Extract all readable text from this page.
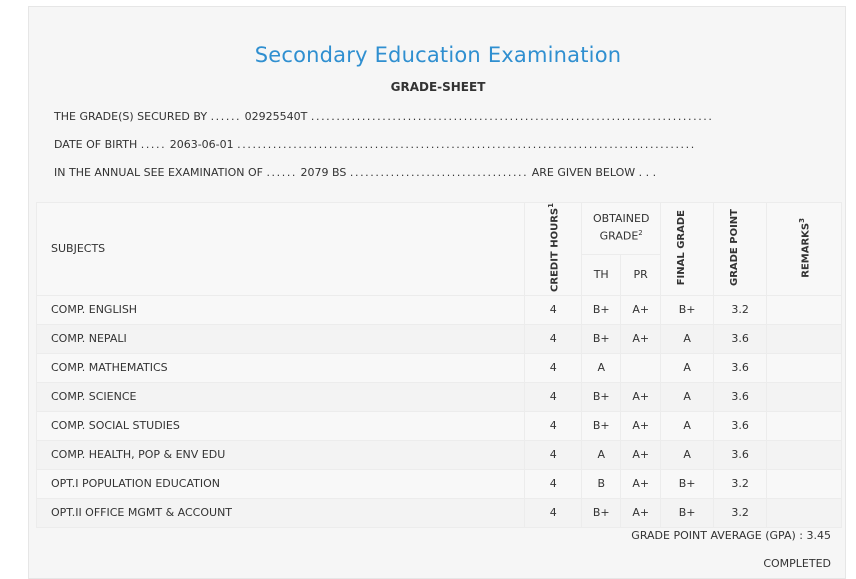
Secondary Education Examination
GRADE-SHEET
THE GRADE(S) SECURED BY ...... 02925540T ...............................................................................
DATE OF BIRTH ..... 2063-06-01 ..........................................................................................
IN THE ANNUAL SEE EXAMINATION OF ...... 2079 BS ................................... ARE GIVEN BELOW . . .
SUBJECTS	CREDIT HOURS$^1$	OBTAINED GRADE$^2$		FINAL GRADE	GRADE POINT	REMARKS$^3$
		TH	PR			
COMP. ENGLISH	4	B+	A+	B+	3.2	
COMP. NEPALI	4	B+	A+	A	3.6	
COMP. MATHEMATICS	4	A		A	3.6	
COMP. SCIENCE	4	B+	A+	A	3.6	
COMP. SOCIAL STUDIES	4	B+	A+	A	3.6	
COMP. HEALTH, POP & ENV EDU	4	A	A+	A	3.6	
OPT.I POPULATION EDUCATION	4	B	A+	B+	3.2	
OPT.II OFFICE MGMT & ACCOUNT	4	B+	A+	B+	3.2	
GRADE POINT AVERAGE (GPA) : 3.45
COMPLETED
